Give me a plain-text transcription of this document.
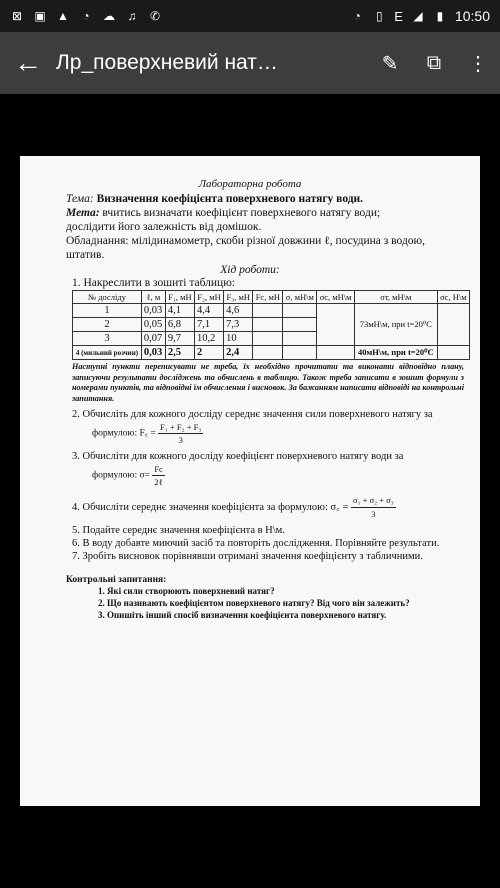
⊠ ▣ ▲ ◔ ☁ ♫ ✆	◔	▯ E ◢	▮ 10:50
← Лр_поверхневий нат…	✎	⧉	⋮
Лабораторна робота
Тема: Визначення коефіцієнта поверхневого натягу води.
Мета: вчитись визначати коефіцієнт поверхневого натягу води;
дослідити його залежність від домішок.
Обладнання: мілідинамометр, скоби різної довжини ℓ, посудина з водою,
штатив.
Хід роботи:
1. Накреслити в зошиті таблицю:
№ досліду	ℓ, м	F₁, мН	F₂, мН	F₃, мН	Fc, мН	σ, мН\м	σc, мН\м	σт, мН\м	σc, Н\м
1	0,03	4,1	4,4	4,6				73мН\м, при t=20⁰C	
2	0,05	6,8	7,1	7,3					
3	0,07	9,7	10,2	10					
4 (мильний розчин)	0,03	2,5	2	2,4				40мН\м, при t=20⁰C	
Наступні пункти переписувати не треба, їх необхідно прочитати та виконати відповідно плану, записуючи результати досліджень та обчислень в таблицю. Також треба записати в зошит формули з номерами пунктів, та відповідні їм обчислення і висновок. За бажанням написати відповіді на контрольні запитання.
2. Обчисліть для кожного досліду середнє значення сили поверхневого натягу за
формулою: F꜀ = $\frac{\text{F₁ + F₂ + F₃}}{3}$
3. Обчисліти для кожного досліду коефіцієнт поверхневого натягу води за
формулою: $\sigma= \frac{Fc}{\text{2ℓ}}$
4. Обчисліти середнє значення коефіцієнта за формулою: σ꜀ = $\frac{\text{σ₁ + σ₂ + σ₃}}{3}$
5. Подайте середнє значення коефіцієнта в Н\м.
6. В воду добавте миючий засіб та повторіть дослідження. Порівняйте результати.
7. Зробіть висновок порівнявши отримані значення коефіцієнту з табличними.
Контрольні запитання:
1. Які сили створюють поверхневий натяг?
2. Що називають коефіцієнтом поверхневого натягу? Від чого він залежить?
3. Опишіть інший спосіб визначення коефіцієнта поверхневого натягу.
